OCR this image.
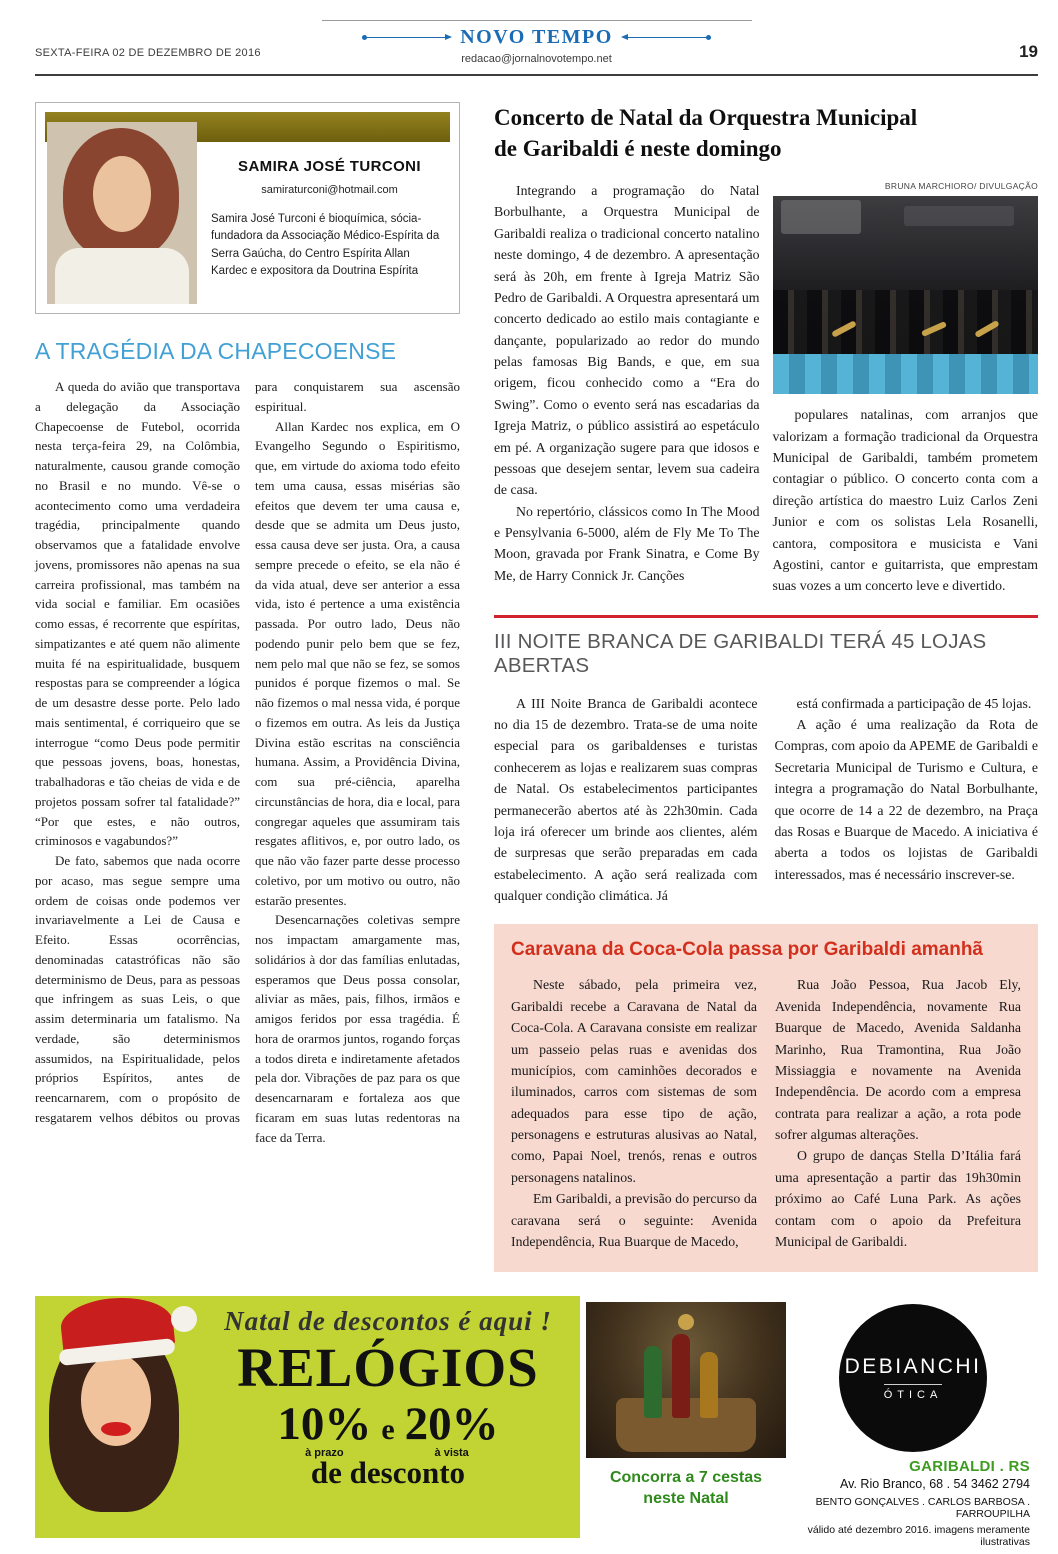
SEXTA-FEIRA 02 DE DEZEMBRO DE 2016
NOVO TEMPO
redacao@jornalnovotempo.net	19
SAMIRA JOSÉ TURCONI
samiraturconi@hotmail.com
Samira José Turconi é bioquímica, sócia-fundadora da Associação Médico-Espírita da Serra Gaúcha, do Centro Espírita Allan Kardec e expositora da Doutrina Espírita
A TRAGÉDIA DA CHAPECOENSE

A queda do avião que transportava a delegação da Associação Chapecoense de Futebol, ocorrida nesta terça-feira 29, na Colômbia, naturalmente, causou grande comoção no Brasil e no mundo. Vê-se o acontecimento como uma verdadeira tragédia, principalmente quando observamos que a fatalidade envolve jovens, promissores não apenas na sua carreira profissional, mas também na vida social e familiar. Em ocasiões como essas, é recorrente que espíritas, simpatizantes e até quem não alimente muita fé na espiritualidade, busquem respostas para se compreender a lógica de um desastre desse porte. Pelo lado mais sentimental, é corriqueiro que se interrogue “como Deus pode permitir que pessoas jovens, boas, honestas, trabalhadoras e tão cheias de vida e de projetos possam sofrer tal fatalidade?” “Por que estes, e não outros, criminosos e vagabundos?”

De fato, sabemos que nada ocorre por acaso, mas segue sempre uma ordem de coisas onde podemos ver invariavelmente a Lei de Causa e Efeito. Essas ocorrências, denominadas catastróficas não são determinismo de Deus, para as pessoas que infringem as suas Leis, o que assim determinaria um fatalismo. Na verdade, são determinismos assumidos, na Espiritualidade, pelos próprios Espíritos, antes de reencarnarem, com o propósito de resgatarem velhos débitos ou provas para conquistarem sua ascensão espiritual.

Allan Kardec nos explica, em O Evangelho Segundo o Espiritismo, que, em virtude do axioma todo efeito tem uma causa, essas misérias são efeitos que devem ter uma causa e, desde que se admita um Deus justo, essa causa deve ser justa. Ora, a causa sempre precede o efeito, se ela não é da vida atual, deve ser anterior a essa vida, isto é pertence a uma existência passada. Por outro lado, Deus não podendo punir pelo bem que se fez, nem pelo mal que não se fez, se somos punidos é porque fizemos o mal. Se não fizemos o mal nessa vida, é porque o fizemos em outra. As leis da Justiça Divina estão escritas na consciência humana. Assim, a Providência Divina, com sua pré-ciência, aparelha circunstâncias de hora, dia e local, para congregar aqueles que assumiram tais resgates aflitivos, e, por outro lado, os que não vão fazer parte desse processo coletivo, por um motivo ou outro, não estarão presentes.

Desencarnações coletivas sempre nos impactam amargamente mas, solidários à dor das famílias enlutadas, esperamos que Deus possa consolar, aliviar as mães, pais, filhos, irmãos e amigos feridos por essa tragédia. É hora de orarmos juntos, rogando forças a todos direta e indiretamente afetados pela dor. Vibrações de paz para os que desencarnaram e fortaleza aos que ficaram em suas lutas redentoras na face da Terra.

Concerto de Natal da Orquestra Municipal
de Garibaldi é neste domingo

Integrando a programação do Natal Borbulhante, a Orquestra Municipal de Garibaldi realiza o tradicional concerto natalino neste domingo, 4 de dezembro. A apresentação será às 20h, em frente à Igreja Matriz São Pedro de Garibaldi. A Orquestra apresentará um concerto dedicado ao estilo mais contagiante e dançante, popularizado ao redor do mundo pelas famosas Big Bands, e que, em sua origem, ficou conhecido como a “Era do Swing”. Como o evento será nas escadarias da Igreja Matriz, o público assistirá ao espetáculo em pé. A organização sugere para que idosos e pessoas que desejem sentar, levem sua cadeira de casa.

No repertório, clássicos como In The Mood e Pensylvania 6-5000, além de Fly Me To The Moon, gravada por Frank Sinatra, e Come By Me, de Harry Connick Jr. Canções

BRUNA MARCHIORO/ DIVULGAÇÃO

populares natalinas, com arranjos que valorizam a formação tradicional da Orquestra Municipal de Garibaldi, também prometem contagiar o público. O concerto conta com a direção artística do maestro Luiz Carlos Zeni Junior e com os solistas Lela Rosanelli, cantora, compositora e musicista e Vani Agostini, cantor e guitarrista, que emprestam suas vozes a um concerto leve e divertido.

III NOITE BRANCA DE GARIBALDI TERÁ 45 LOJAS ABERTAS

A III Noite Branca de Garibaldi acontece no dia 15 de dezembro. Trata-se de uma noite especial para os garibaldenses e turistas conhecerem as lojas e realizarem suas compras de Natal. Os estabelecimentos participantes permanecerão abertos até às 22h30min. Cada loja irá oferecer um brinde aos clientes, além de surpresas que serão preparadas em cada estabelecimento. A ação será realizada com qualquer condição climática. Já

está confirmada a participação de 45 lojas.

A ação é uma realização da Rota de Compras, com apoio da APEME de Garibaldi e Secretaria Municipal de Turismo e Cultura, e integra a programação do Natal Borbulhante, que ocorre de 14 a 22 de dezembro, na Praça das Rosas e Buarque de Macedo. A iniciativa é aberta a todos os lojistas de Garibaldi interessados, mas é necessário inscrever-se.

Caravana da Coca-Cola passa por Garibaldi amanhã

Neste sábado, pela primeira vez, Garibaldi recebe a Caravana de Natal da Coca-Cola. A Caravana consiste em realizar um passeio pelas ruas e avenidas dos municípios, com caminhões decorados e iluminados, carros com sistemas de som adequados para esse tipo de ação, personagens e estruturas alusivas ao Natal, como, Papai Noel, trenós, renas e outros personagens natalinos.

Em Garibaldi, a previsão do percurso da caravana será o seguinte: Avenida Independência, Rua Buarque de Macedo,

Rua João Pessoa, Rua Jacob Ely, Avenida Independência, novamente Rua Buarque de Macedo, Avenida Saldanha Marinho, Rua Tramontina, Rua João Missiaggia e novamente na Avenida Independência. De acordo com a empresa contrata para realizar a ação, a rota pode sofrer algumas alterações.

O grupo de danças Stella D’Itália fará uma apresentação a partir das 19h30min próximo ao Café Luna Park. As ações contam com o apoio da Prefeitura Municipal de Garibaldi.

Natal de descontos é aqui !
RELÓGIOS
10%
à prazo
e 20%
à vista
de desconto	Concorra a 7 cestas
neste Natal
DEBIANCHI
ÓTICA
GARIBALDI . RS
Av. Rio Branco, 68 . 54 3462 2794
BENTO GONÇALVES . CARLOS BARBOSA . FARROUPILHA
válido até dezembro 2016. imagens meramente ilustrativas
